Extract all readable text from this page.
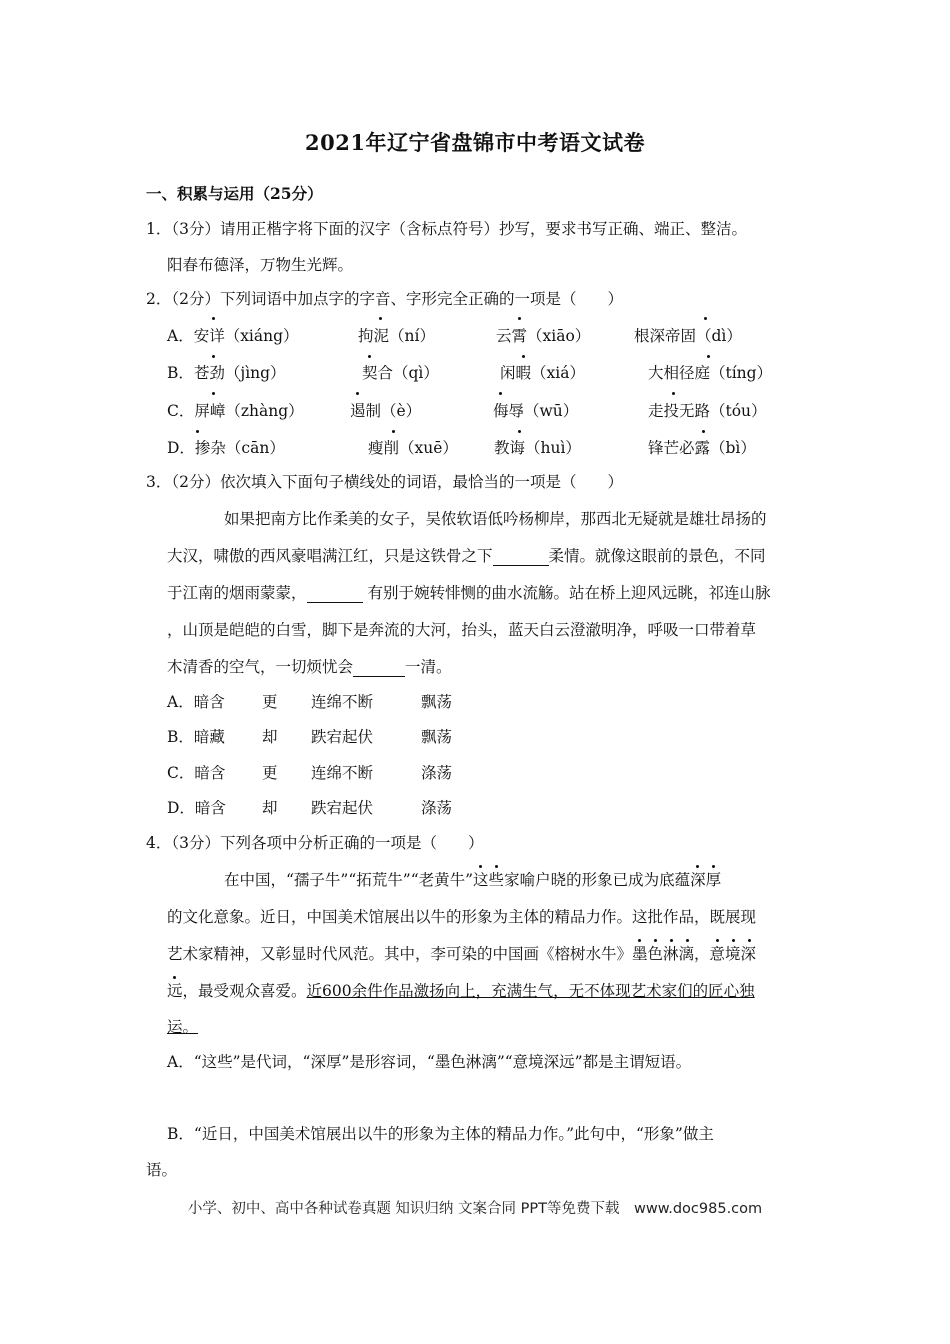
2021年辽宁省盘锦市中考语文试卷
一、积累与运用（25分）
1．（3分）请用正楷字将下面的汉字（含标点符号）抄写，要求书写正确、端正、整洁。
阳春布德泽，万物生光辉。
2．（2分）下列词语中加点字的字音、字形完全正确的一项是（　　）
A．安详（xiáng）	拘泥（ní）	云霄（xiāo）	根深帝固（dì）
B．苍劲（jìng）	契合（qì）	闲暇（xiá）	大相径庭（tíng）
C．屏嶂（zhàng）	遏制（è）	侮辱（wū）	走投无路（tóu）
D．掺杂（cān）	瘦削（xuē） 教诲（huì）	锋芒必露（bì）
3．（2分）依次填入下面句子横线处的词语，最恰当的一项是（　　）
如果把南方比作柔美的女子，吴侬软语低吟杨柳岸，那西北无疑就是雄壮昂扬的
大汉，啸傲的西风豪唱满江红，只是这铁骨之下	柔情。就像这眼前的景色，不同
于江南的烟雨蒙蒙，	有别于婉转悱恻的曲水流觞。站在桥上迎风远眺，祁连山脉
，山顶是皑皑的白雪，脚下是奔流的大河，抬头，蓝天白云澄澈明净，呼吸一口带着草
木清香的空气，一切烦忧会	一清。
A．暗含 更 连绵不断	飘荡
B．暗藏 却 跌宕起伏	飘荡
C．暗含 更 连绵不断	涤荡
D．暗含 却 跌宕起伏	涤荡
4．（3分）下列各项中分析正确的一项是（　　）
在中国，“孺子牛”“拓荒牛”“老黄牛”这些
家喻户晓的形象已成为底蕴深厚
的文化意象。近日，中国美术馆展出以牛的形象为主体的精品力作。这批作品，既展现
艺术家精神，又彰显时代风范。其中，李可染的中国画《榕树水牛》墨色淋漓
，意境深
远
，最受观众喜爱。近600余件作品激扬向上，充满生气，无不体现艺术家们的匠心独
运。
A．“这些”是代词，“深厚”是形容词，“墨色淋漓”“意境深远”都是主谓短语。
B．“近日，中国美术馆展出以牛的形象为主体的精品力作。”此句中，“形象”做主
语。
小学、初中、高中各种试卷真题 知识归纳 文案合同 PPT等免费下载　www.doc985.com
